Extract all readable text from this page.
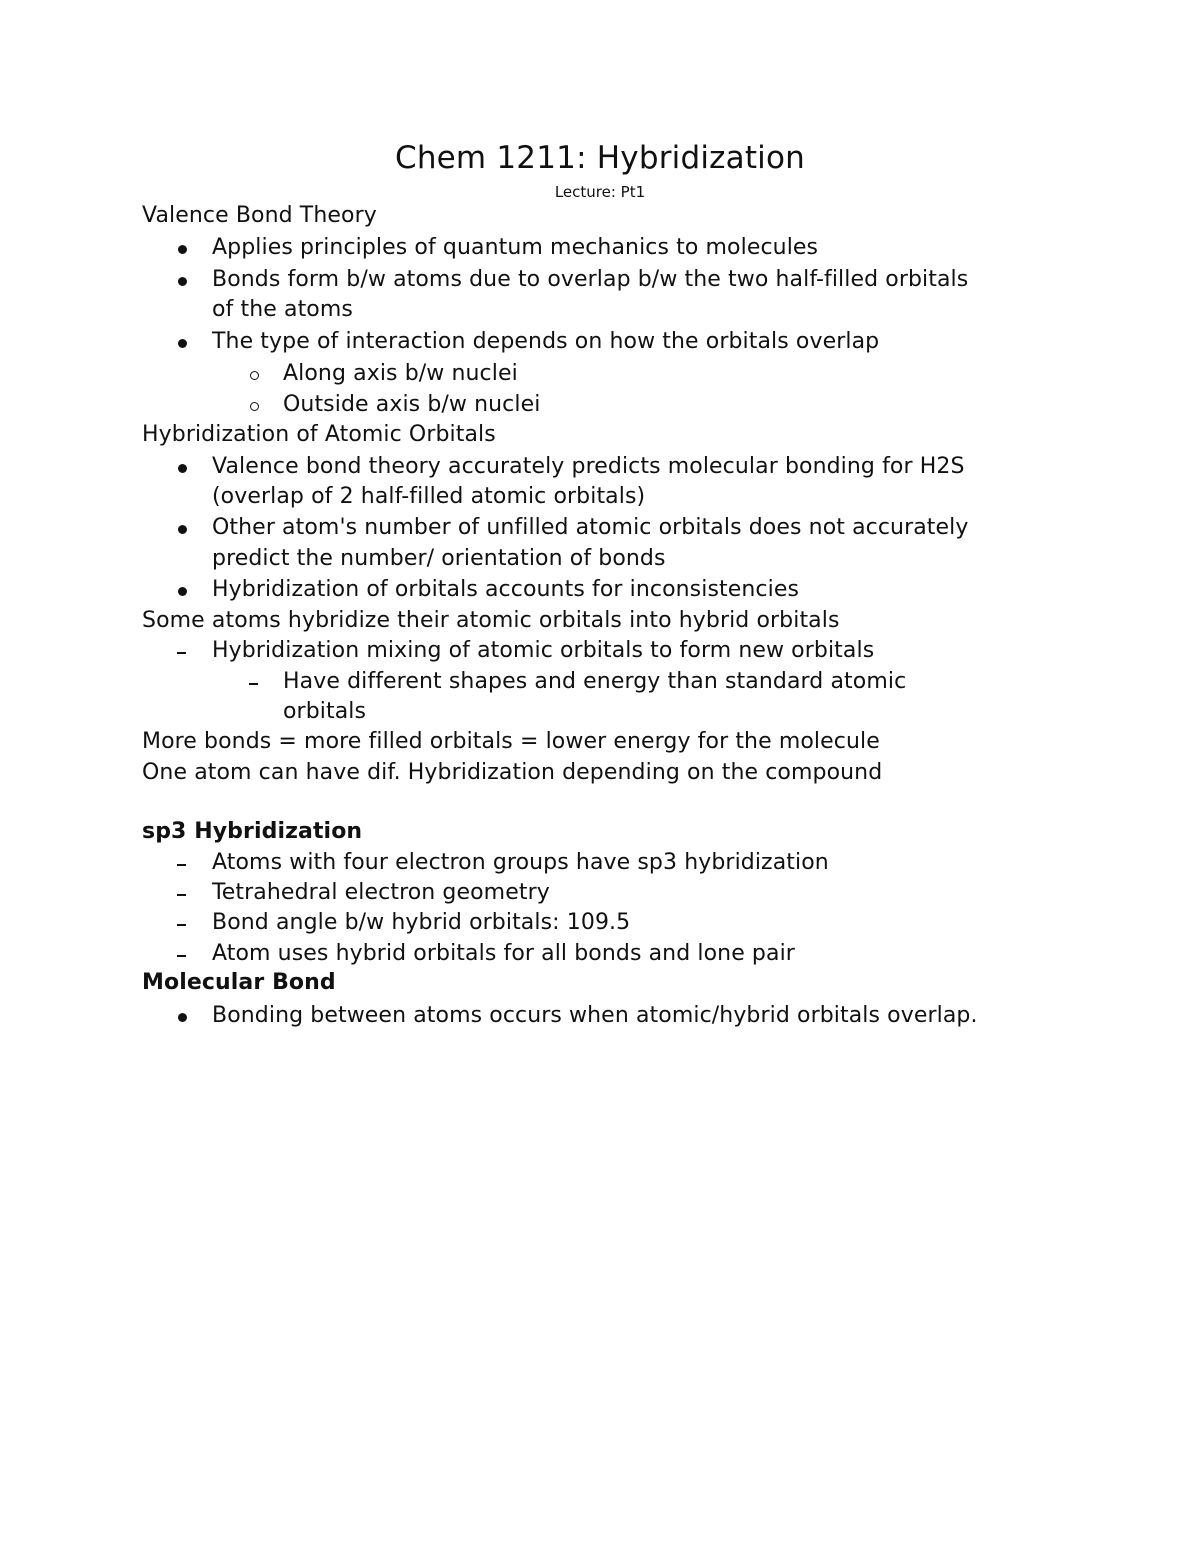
Chem 1211: Hybridization
Lecture: Pt1
Valence Bond Theory
Applies principles of quantum mechanics to molecules
Bonds form b/w atoms due to overlap b/w the two half-filled orbitals
of the atoms
The type of interaction depends on how the orbitals overlap
Along axis b/w nuclei
Outside axis b/w nuclei
Hybridization of Atomic Orbitals
Valence bond theory accurately predicts molecular bonding for H2S
(overlap of 2 half-filled atomic orbitals)
Other atom's number of unfilled atomic orbitals does not accurately
predict the number/ orientation of bonds
Hybridization of orbitals accounts for inconsistencies
Some atoms hybridize their atomic orbitals into hybrid orbitals
Hybridization mixing of atomic orbitals to form new orbitals
Have different shapes and energy than standard atomic
orbitals
More bonds = more filled orbitals = lower energy for the molecule
One atom can have dif. Hybridization depending on the compound
sp3 Hybridization
Atoms with four electron groups have sp3 hybridization
Tetrahedral electron geometry
Bond angle b/w hybrid orbitals: 109.5
Atom uses hybrid orbitals for all bonds and lone pair
Molecular Bond
Bonding between atoms occurs when atomic/hybrid orbitals overlap.
